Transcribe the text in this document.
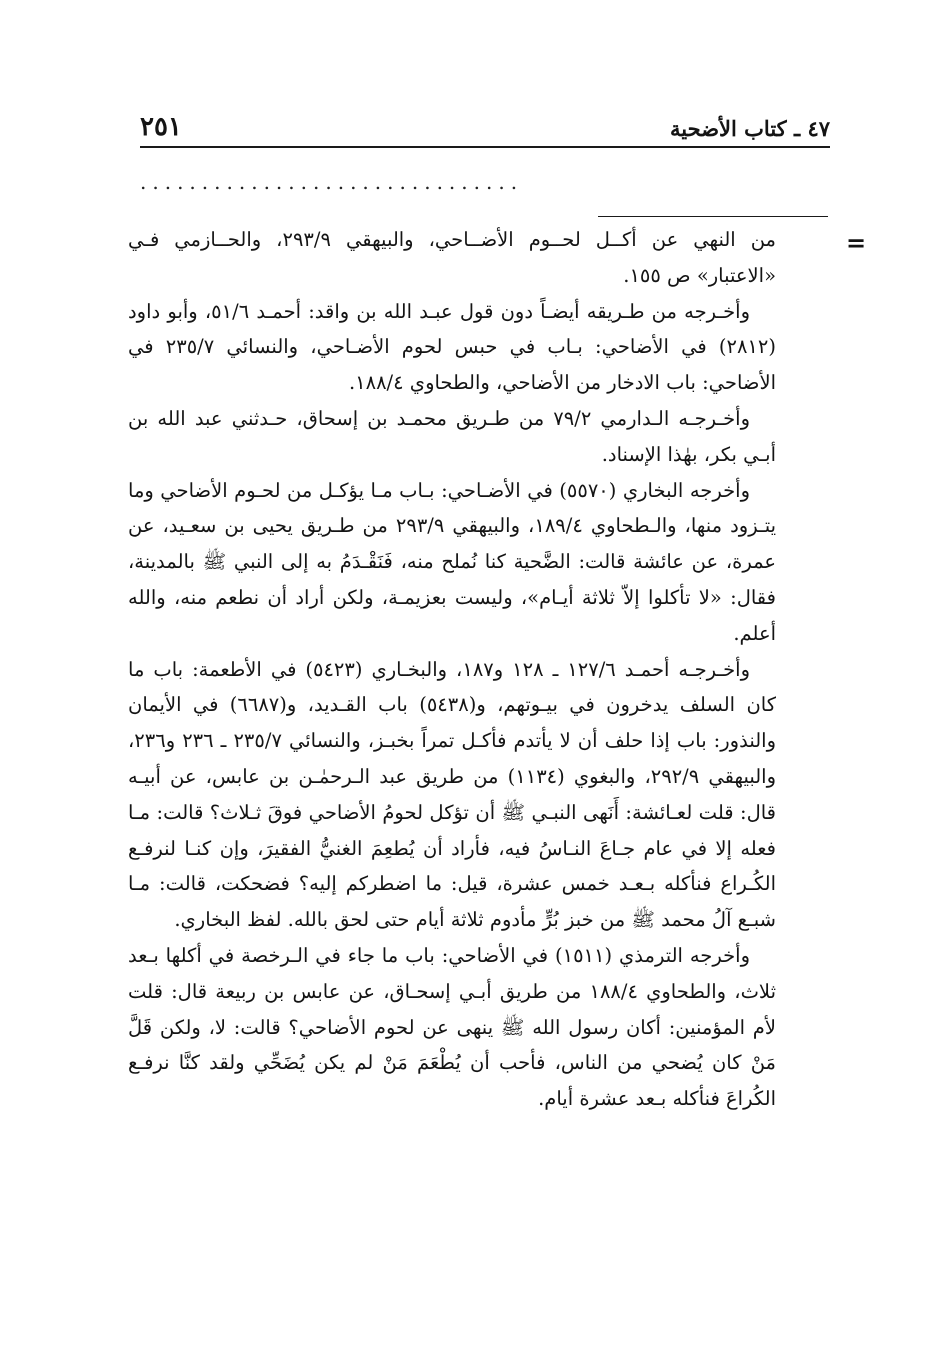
٤٧ ـ كتاب الأضحية
٢٥١
...............................
=

من النهي عن أكــل لحــوم الأضــاحي، والبيهقي ٢٩٣/٩، والحــازمي فـي «الاعتبار» ص ١٥٥.

وأخـرجه من طـريقه أيضـاً دون قول عبـد الله بن واقد: أحمـد ٥١/٦، وأبو داود (٢٨١٢) في الأضاحي: بـاب في حبس لحوم الأضـاحي، والنسائي ٢٣٥/٧ في الأضاحي: باب الادخار من الأضاحي، والطحاوي ١٨٨/٤.

وأخـرجـه الـدارمي ٧٩/٢ من طـريق محمـد بن إسحاق، حـدثني عبد الله بن أبـي بكر، بهٰذا الإسناد.

وأخرجه البخاري (٥٥٧٠) في الأضـاحي: بـاب مـا يؤكـل من لحـوم الأضاحي وما يتـزود منها، والـطحاوي ١٨٩/٤، والبيهقي ٢٩٣/٩ من طـريق يحيى بن سعـيد، عن عمرة، عن عائشة قالت: الضَّحية كنا نُملح منه، فَنَقْـدَمُ به إلى النبي ﷺ بالمدينة، فقال: «لا تأكلوا إلاّ ثلاثة أيـام»، وليست بعزيمـة، ولكن أراد أن نطعم منه، والله أعلم.

وأخـرجـه أحمـد ١٢٧/٦ ـ ١٢٨ و١٨٧، والبخـاري (٥٤٢٣) في الأطعمة: باب ما كان السلف يدخرون في بيـوتهم، و(٥٤٣٨) باب القـديد، و(٦٦٨٧) في الأيمان والنذور: باب إذا حلف أن لا يأتدم فأكـل تمراً بخبـز، والنسائي ٢٣٥/٧ ـ ٢٣٦ و٢٣٦، والبيهقي ٢٩٢/٩، والبغوي (١١٣٤) من طريق عبد الـرحمٰـن بن عابس، عن أبيـه قال: قلت لعـائشة: أَنَهى النبـي ﷺ أن تؤكل لحومُ الأضاحي فوقَ ثـلاث؟ قالت: مـا فعله إلا في عام جـاعَ النـاسُ فيه، فأراد أن يُطعِمَ الغنيُّ الفقيرَ، وإن كنـا لنرفـع الكُـراع فنأكله بـعـد خمس عشرة، قيل: ما اضطركم إليه؟ فضحكت، قالت: مـا شبـع آلُ محمد ﷺ من خبز بُرٍّ مأدوم ثلاثة أيام حتى لحق بالله. لفظ البخاري.

وأخرجه الترمذي (١٥١١) في الأضاحي: باب ما جاء في الـرخصة في أكلها بـعد ثلاث، والطحاوي ١٨٨/٤ من طريق أبـي إسحـاق، عن عابس بن ربيعة قال: قلت لأم المؤمنين: أكان رسول الله ﷺ ينهى عن لحوم الأضاحي؟ قالت: لا، ولكن قَلَّ مَنْ كان يُضحي من الناس، فأحب أن يُطْعَمَ مَنْ لم يكن يُضَحِّي ولقد كنَّا نرفـع الكُراعَ فنأكله بـعد عشرة أيام.
